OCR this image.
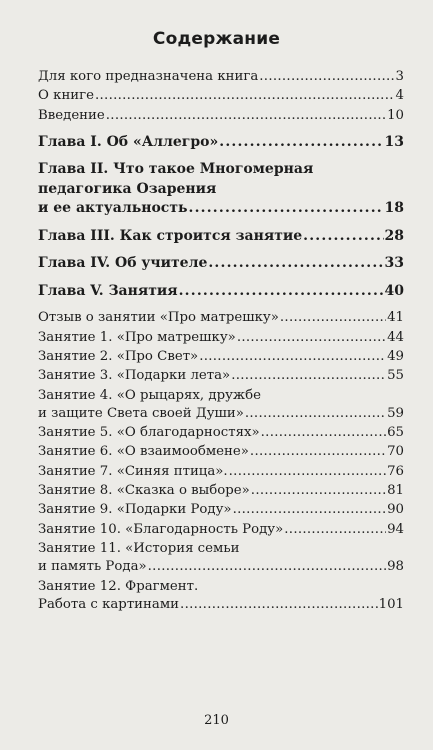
Содержание
Для кого предназначена книга .....	3
О книге .....	4
Введение .....	10
Глава I. Об «Аллегро» .....	13
Глава II. Что такое Многомерная
педагогика Озарения
и ее актуальность .....	18
Глава III. Как строится занятие .....	28
Глава IV. Об учителе .....	33
Глава V. Занятия .....	40
Отзыв о занятии «Про матрешку» .....	41
Занятие 1. «Про матрешку» .....	44
Занятие 2. «Про Свет» .....	49
Занятие 3. «Подарки лета» .....	55
Занятие 4. «О рыцарях, дружбе
и защите Света своей Души» .....	59
Занятие 5. «О благодарностях» .....	65
Занятие 6. «О взаимообмене» .....	70
Занятие 7. «Синяя птица». .....	76
Занятие 8. «Сказка о выборе» .....	81
Занятие 9. «Подарки Роду» .....	90
Занятие 10. «Благодарность Роду» .....	94
Занятие 11. «История семьи
и память Рода» .....	98
Занятие 12. Фрагмент.
Работа с картинами .....	101
210
